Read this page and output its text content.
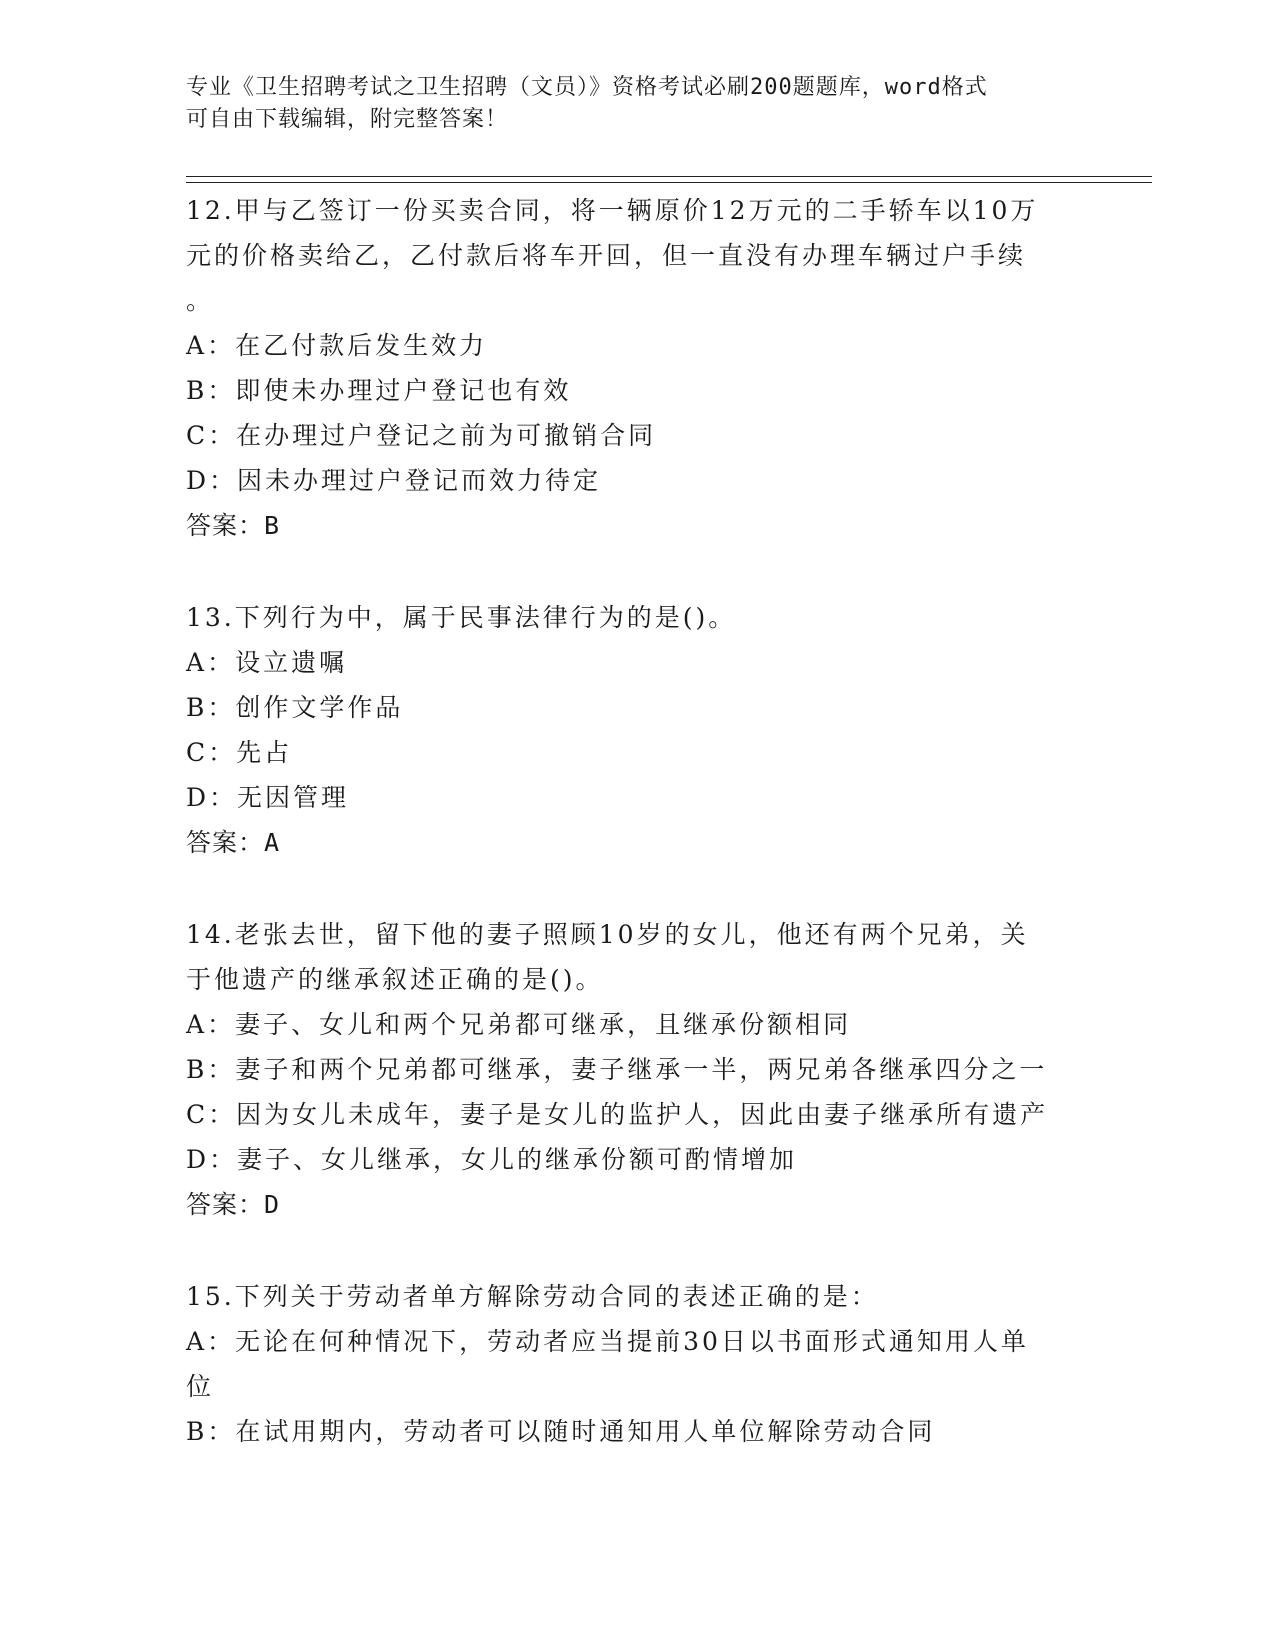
专业《卫生招聘考试之卫生招聘（文员）》资格考试必刷200题题库，word格式
可自由下载编辑，附完整答案！

12.甲与乙签订一份买卖合同，将一辆原价12万元的二手轿车以10万

元的价格卖给乙，乙付款后将车开回，但一直没有办理车辆过户手续

。

A：在乙付款后发生效力

B：即使未办理过户登记也有效

C：在办理过户登记之前为可撤销合同

D：因未办理过户登记而效力待定

答案：B

13.下列行为中，属于民事法律行为的是()。

A：设立遗嘱

B：创作文学作品

C：先占

D：无因管理

答案：A

14.老张去世，留下他的妻子照顾10岁的女儿，他还有两个兄弟，关

于他遗产的继承叙述正确的是()。

A：妻子、女儿和两个兄弟都可继承，且继承份额相同

B：妻子和两个兄弟都可继承，妻子继承一半，两兄弟各继承四分之一

C：因为女儿未成年，妻子是女儿的监护人，因此由妻子继承所有遗产

D：妻子、女儿继承，女儿的继承份额可酌情增加

答案：D

15.下列关于劳动者单方解除劳动合同的表述正确的是：

A：无论在何种情况下，劳动者应当提前30日以书面形式通知用人单

位

B：在试用期内，劳动者可以随时通知用人单位解除劳动合同
